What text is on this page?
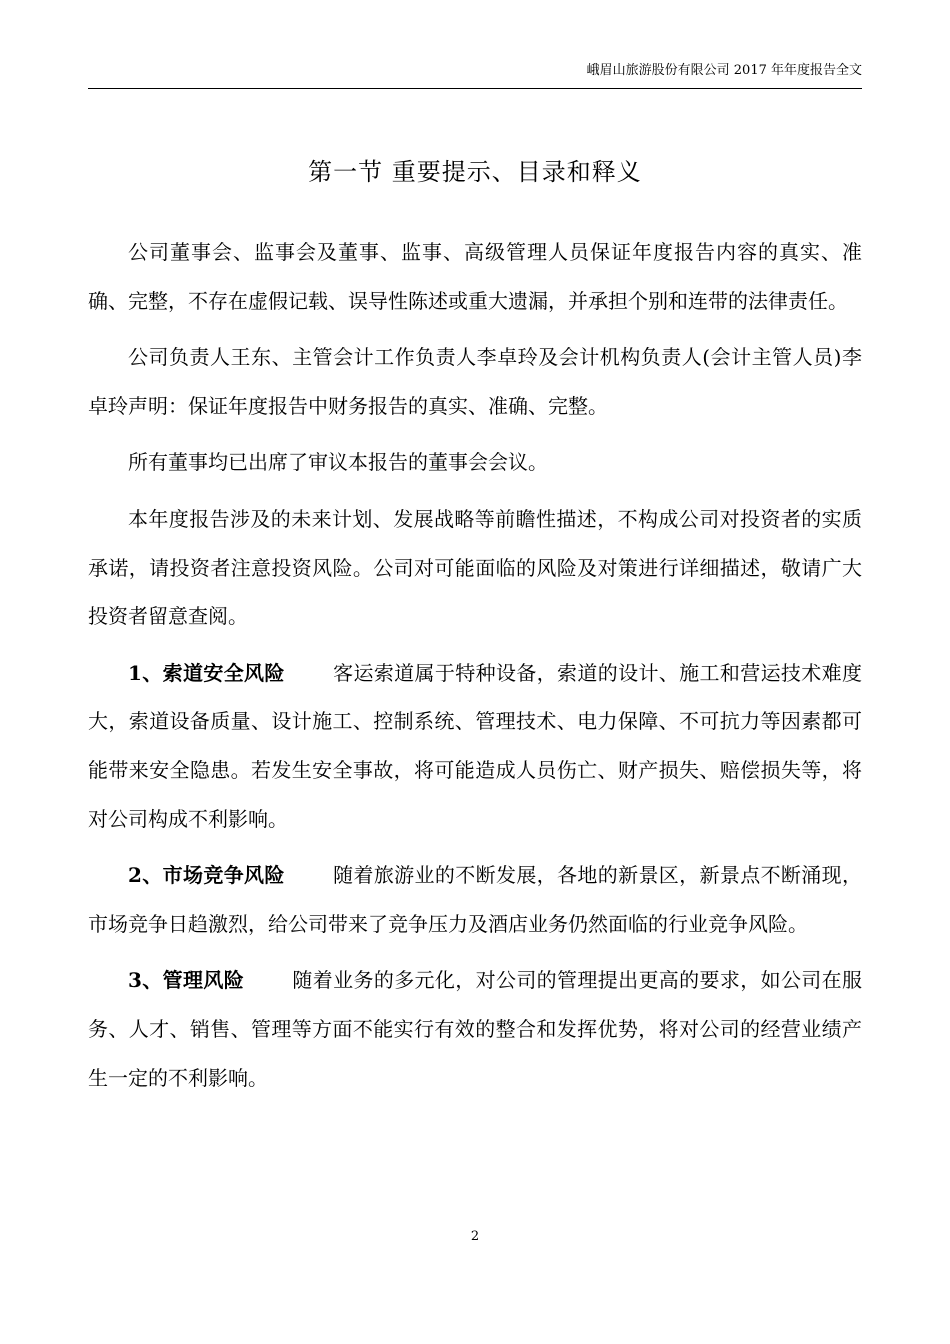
峨眉山旅游股份有限公司 2017 年年度报告全文
第一节 重要提示、目录和释义

公司董事会、监事会及董事、监事、高级管理人员保证年度报告内容的真实、准确、完整，不存在虚假记载、误导性陈述或重大遗漏，并承担个别和连带的法律责任。

公司负责人王东、主管会计工作负责人李卓玲及会计机构负责人(会计主管人员)李卓玲声明：保证年度报告中财务报告的真实、准确、完整。

所有董事均已出席了审议本报告的董事会会议。

本年度报告涉及的未来计划、发展战略等前瞻性描述，不构成公司对投资者的实质承诺，请投资者注意投资风险。公司对可能面临的风险及对策进行详细描述，敬请广大投资者留意查阅。

1、索道安全风险 客运索道属于特种设备，索道的设计、施工和营运技术难度大，索道设备质量、设计施工、控制系统、管理技术、电力保障、不可抗力等因素都可能带来安全隐患。若发生安全事故，将可能造成人员伤亡、财产损失、赔偿损失等，将对公司构成不利影响。

2、市场竞争风险 随着旅游业的不断发展，各地的新景区，新景点不断涌现，市场竞争日趋激烈，给公司带来了竞争压力及酒店业务仍然面临的行业竞争风险。

3、管理风险 随着业务的多元化，对公司的管理提出更高的要求，如公司在服务、人才、销售、管理等方面不能实行有效的整合和发挥优势，将对公司的经营业绩产生一定的不利影响。

2
